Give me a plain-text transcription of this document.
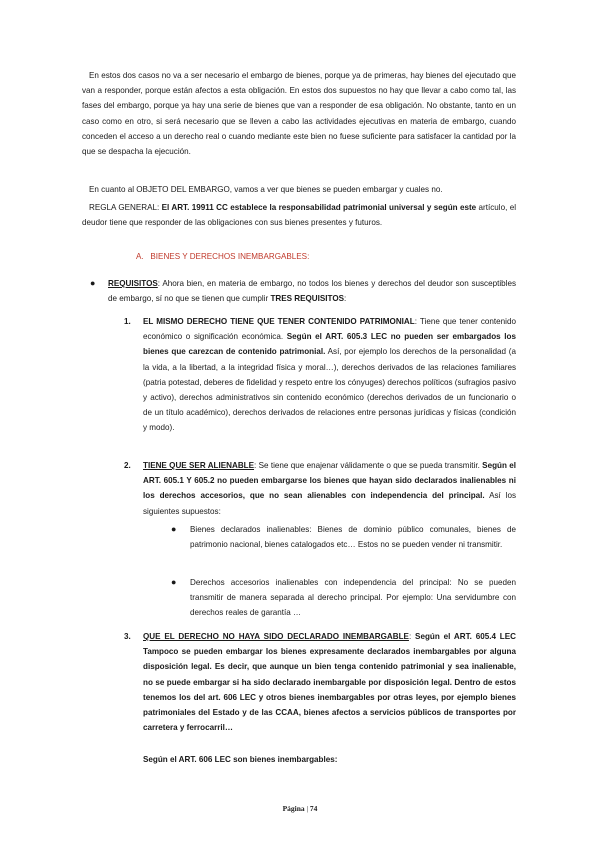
En estos dos casos no va a ser necesario el embargo de bienes, porque ya de primeras, hay bienes del ejecutado que van a responder, porque están afectos a esta obligación. En estos dos supuestos no hay que llevar a cabo como tal, las fases del embargo, porque ya hay una serie de bienes que van a responder de esa obligación. No obstante, tanto en un caso como en otro, si será necesario que se lleven a cabo las actividades ejecutivas en materia de embargo, cuando conceden el acceso a un derecho real o cuando mediante este bien no fuese suficiente para satisfacer la cantidad por la que se despacha la ejecución.

En cuanto al OBJETO DEL EMBARGO, vamos a ver que bienes se pueden embargar y cuales no.

REGLA GENERAL: El ART. 19911 CC establece la responsabilidad patrimonial universal y según este artículo, el deudor tiene que responder de las obligaciones con sus bienes presentes y futuros.

A. BIENES Y DERECHOS INEMBARGABLES:
● REQUISITOS: Ahora bien, en materia de embargo, no todos los bienes y derechos del deudor son susceptibles de embargo, sí no que se tienen que cumplir TRES REQUISITOS:

1. EL MISMO DERECHO TIENE QUE TENER CONTENIDO PATRIMONIAL: Tiene que tener contenido económico o significación económica. Según el ART. 605.3 LEC no pueden ser embargados los bienes que carezcan de contenido patrimonial. Así, por ejemplo los derechos de la personalidad (a la vida, a la libertad, a la integridad física y moral…), derechos derivados de las relaciones familiares (patria potestad, deberes de fidelidad y respeto entre los cónyuges) derechos políticos (sufragios pasivo y activo), derechos administrativos sin contenido económico (derechos derivados de un funcionario o de un título académico), derechos derivados de relaciones entre personas jurídicas y físicas (condición y modo).

2. TIENE QUE SER ALIENABLE: Se tiene que enajenar válidamente o que se pueda transmitir. Según el ART. 605.1 Y 605.2 no pueden embargarse los bienes que hayan sido declarados inalienables ni los derechos accesorios, que no sean alienables con independencia del principal. Así los siguientes supuestos:

● Bienes declarados inalienables: Bienes de dominio público comunales, bienes de patrimonio nacional, bienes catalogados etc… Estos no se pueden vender ni transmitir.

● Derechos accesorios inalienables con independencia del principal: No se pueden transmitir de manera separada al derecho principal. Por ejemplo: Una servidumbre con derechos reales de garantía …

3. QUE EL DERECHO NO HAYA SIDO DECLARADO INEMBARGABLE: Según el ART. 605.4 LEC Tampoco se pueden embargar los bienes expresamente declarados inembargables por alguna disposición legal. Es decir, que aunque un bien tenga contenido patrimonial y sea inalienable, no se puede embargar si ha sido declarado inembargable por disposición legal. Dentro de estos tenemos los del art. 606 LEC y otros bienes inembargables por otras leyes, por ejemplo bienes patrimoniales del Estado y de las CCAA, bienes afectos a servicios públicos de transportes por carretera y ferrocarril…

Según el ART. 606 LEC son bienes inembargables:

Página | 74
